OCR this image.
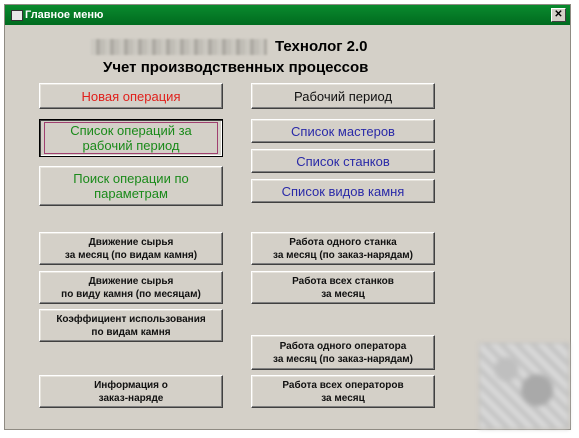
Главное меню	✕
Технолог 2.0
Учет производственных процессов
Новая операция	Рабочий период
Список операций за рабочий период
Список мастеров
Список станков
Поиск операции по параметрам	Список видов камня
Движение сырья
за месяц (по видам камня)
Работа одного станка
за месяц (по заказ-нарядам)
Движение сырья
по виду камня (по месяцам)
Работа всех станков
за месяц
Коэффициент использования
по видам камня
Работа одного оператора
за месяц (по заказ-нарядам)
Информация о
заказ-наряде
Работа всех операторов
за месяц
